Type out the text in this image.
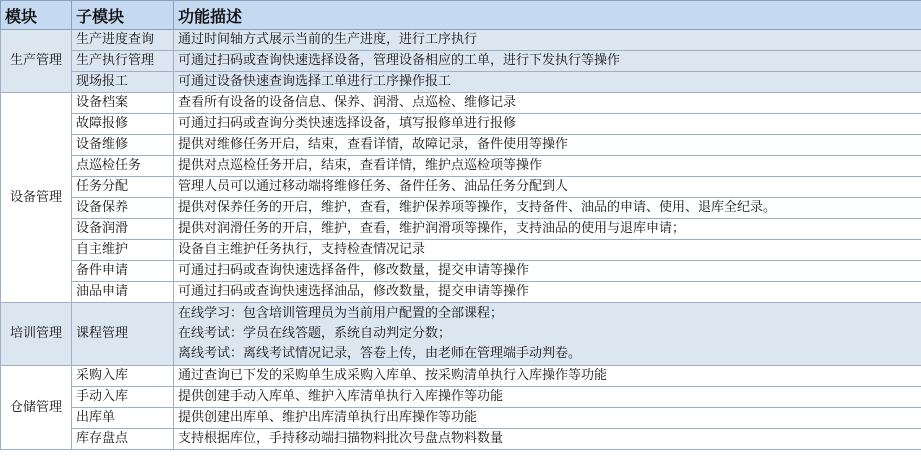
模块	子模块	功能描述
生产管理	生产进度查询	通过时间轴方式展示当前的生产进度，进行工序执行
	生产执行管理	可通过扫码或查询快速选择设备，管理设备相应的工单，进行下发执行等操作
	现场报工	可通过设备快速查询选择工单进行工序操作报工
设备管理	设备档案	查看所有设备的设备信息、保养、润滑、点巡检、维修记录
	故障报修	可通过扫码或查询分类快速选择设备，填写报修单进行报修
	设备维修	提供对维修任务开启，结束，查看详情，故障记录，备件使用等操作
	点巡检任务	提供对点巡检任务开启，结束，查看详情，维护点巡检项等操作
	任务分配	管理人员可以通过移动端将维修任务、备件任务、油品任务分配到人
	设备保养	提供对保养任务的开启，维护，查看，维护保养项等操作，支持备件、油品的申请、使用、退库全纪录。
	设备润滑	提供对润滑任务的开启，维护，查看，维护润滑项等操作，支持油品的使用与退库申请；
	自主维护	设备自主维护任务执行，支持检查情况记录
	备件申请	可通过扫码或查询快速选择备件，修改数量，提交申请等操作
	油品申请	可通过扫码或查询快速选择油品，修改数量，提交申请等操作
培训管理	课程管理	在线学习：包含培训管理员为当前用户配置的全部课程；
在线考试：学员在线答题，系统自动判定分数；
离线考试：离线考试情况记录，答卷上传，由老师在管理端手动判卷。

仓储管理	采购入库	通过查询已下发的采购单生成采购入库单、按采购清单执行入库操作等功能
	手动入库	提供创建手动入库单、维护入库清单执行入库操作等功能
	出库单	提供创建出库单、维护出库清单执行出库操作等功能
	库存盘点	支持根据库位，手持移动端扫描物料批次号盘点物料数量
